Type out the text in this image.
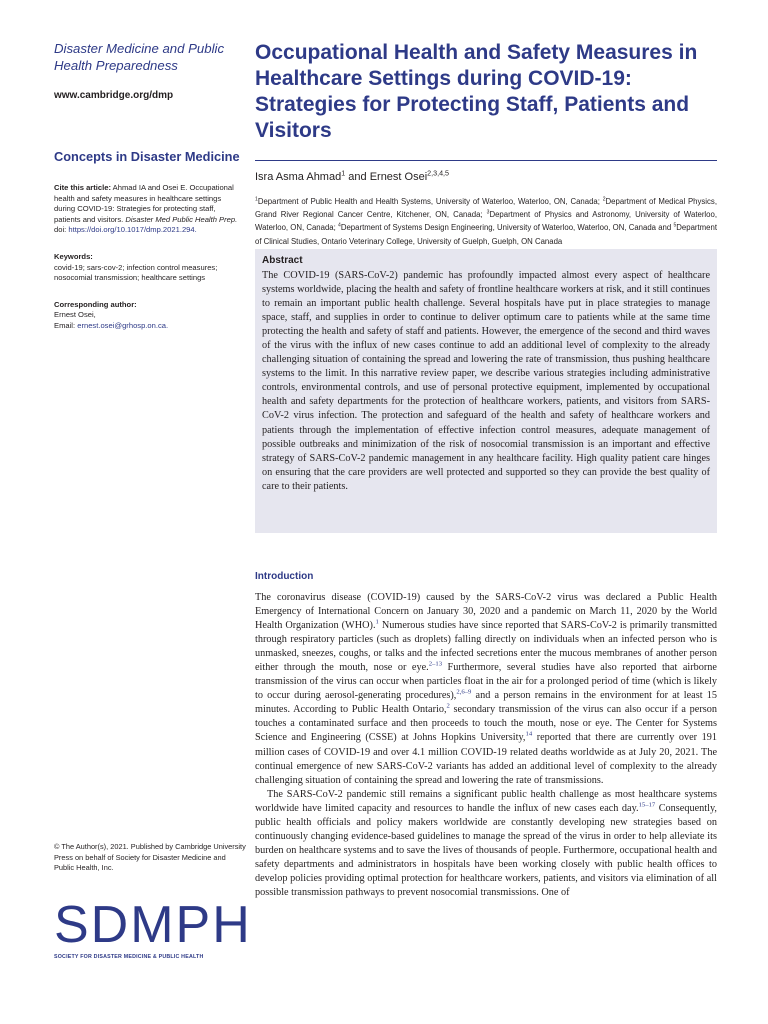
Disaster Medicine and Public Health Preparedness

www.cambridge.org/dmp
Concepts in Disaster Medicine
Cite this article: Ahmad IA and Osei E. Occupational health and safety measures in healthcare settings during COVID-19: Strategies for protecting staff, patients and visitors. Disaster Med Public Health Prep. doi: https://doi.org/10.1017/dmp.2021.294.
Keywords:
covid-19; sars-cov-2; infection control measures; nosocomial transmission; healthcare settings
Corresponding author:
Ernest Osei,
Email: ernest.osei@grhosp.on.ca.
© The Author(s), 2021. Published by Cambridge University Press on behalf of Society for Disaster Medicine and Public Health, Inc.
SDMPH
SOCIETY FOR DISASTER MEDICINE & PUBLIC HEALTH
Occupational Health and Safety Measures in Healthcare Settings during COVID-19: Strategies for Protecting Staff, Patients and Visitors
Isra Asma Ahmad$^1$ and Ernest Osei$^{2,3,4,5}$
$^1$Department of Public Health and Health Systems, University of Waterloo, Waterloo, ON, Canada; $^2$Department of Medical Physics, Grand River Regional Cancer Centre, Kitchener, ON, Canada; $^3$Department of Physics and Astronomy, University of Waterloo, Waterloo, ON, Canada; $^4$Department of Systems Design Engineering, University of Waterloo, Waterloo, ON, Canada and $^5$Department of Clinical Studies, Ontario Veterinary College, University of Guelph, Guelph, ON Canada
Abstract
The COVID-19 (SARS-CoV-2) pandemic has profoundly impacted almost every aspect of healthcare systems worldwide, placing the health and safety of frontline healthcare workers at risk, and it still continues to remain an important public health challenge. Several hospitals have put in place strategies to manage space, staff, and supplies in order to continue to deliver optimum care to patients while at the same time protecting the health and safety of staff and patients. However, the emergence of the second and third waves of the virus with the influx of new cases continue to add an additional level of complexity to the already challenging situation of containing the spread and lowering the rate of transmission, thus pushing healthcare systems to the limit. In this narrative review paper, we describe various strategies including administrative controls, environmental controls, and use of personal protective equipment, implemented by occupational health and safety departments for the protection of healthcare workers, patients, and visitors from SARS-CoV-2 virus infection. The protection and safeguard of the health and safety of healthcare workers and patients through the implementation of effective infection control measures, adequate management of possible outbreaks and minimization of the risk of nosocomial transmission is an important and effective strategy of SARS-CoV-2 pandemic management in any healthcare facility. High quality patient care hinges on ensuring that the care providers are well protected and supported so they can provide the best quality of care to their patients.
Introduction

The coronavirus disease (COVID-19) caused by the SARS-CoV-2 virus was declared a Public Health Emergency of International Concern on January 30, 2020 and a pandemic on March 11, 2020 by the World Health Organization (WHO).$^1$ Numerous studies have since reported that SARS-CoV-2 is primarily transmitted through respiratory particles (such as droplets) falling directly on individuals when an infected person who is unmasked, sneezes, coughs, or talks and the infected secretions enter the mucous membranes of another person either through the mouth, nose or eye.$^{2-13}$ Furthermore, several studies have also reported that airborne transmission of the virus can occur when particles float in the air for a prolonged period of time (which is likely to occur during aerosol-generating procedures),$^{2,6-9}$ and a person remains in the environment for at least 15 minutes. According to Public Health Ontario,$^2$ secondary transmission of the virus can also occur if a person touches a contaminated surface and then proceeds to touch the mouth, nose or eye. The Center for Systems Science and Engineering (CSSE) at Johns Hopkins University,$^{14}$ reported that there are currently over 191 million cases of COVID-19 and over 4.1 million COVID-19 related deaths worldwide as at July 20, 2021. The continual emergence of new SARS-CoV-2 variants has added an additional level of complexity to the already challenging situation of containing the spread and lowering the rate of transmissions.

The SARS-CoV-2 pandemic still remains a significant public health challenge as most healthcare systems worldwide have limited capacity and resources to handle the influx of new cases each day.$^{15-17}$ Consequently, public health officials and policy makers worldwide are constantly developing new strategies based on continuously changing evidence-based guidelines to manage the spread of the virus in order to help alleviate its burden on healthcare systems and to save the lives of thousands of people. Furthermore, occupational health and safety departments and administrators in hospitals have been working closely with public health offices to develop policies providing optimal protection for healthcare workers, patients, and visitors via elimination of all possible transmission pathways to prevent nosocomial transmissions. One of
